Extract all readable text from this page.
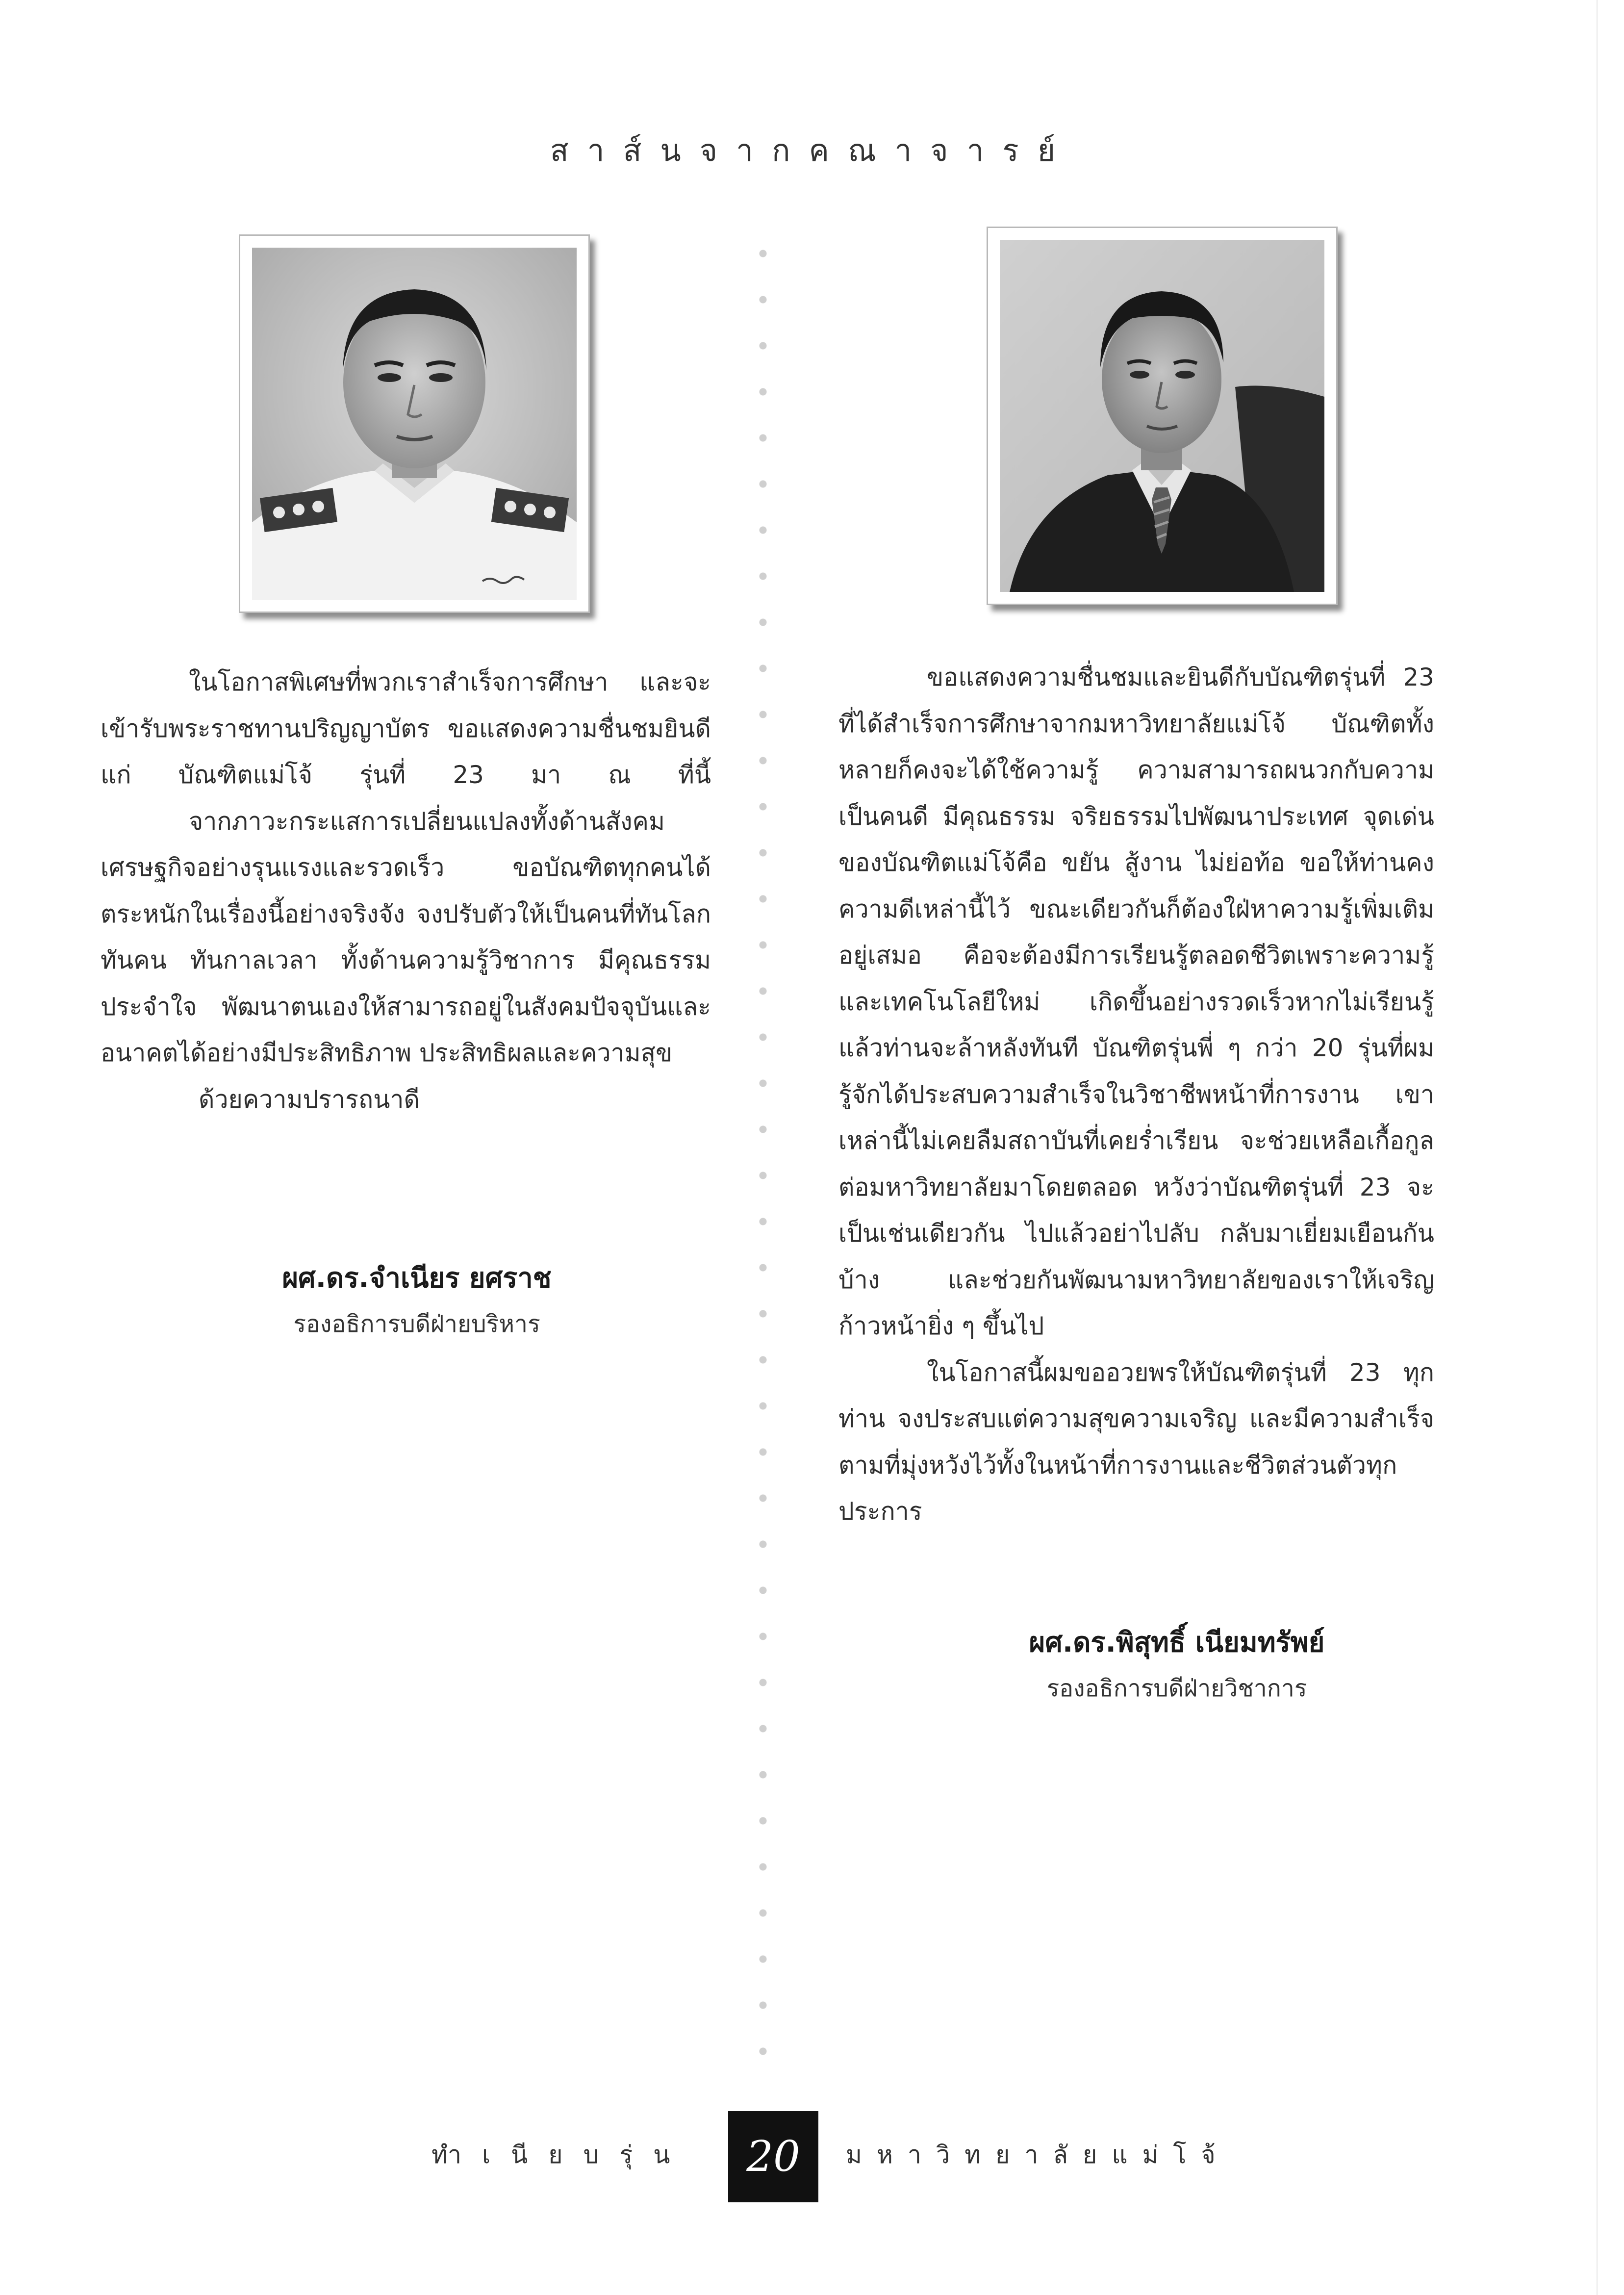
สาส์นจากคณาจารย์

ในโอกาสพิเศษที่พวกเราสำเร็จการศึกษา และจะเข้ารับพระราชทานปริญญาบัตร ขอแสดงความชื่นชมยินดีแก่ บัณฑิตแม่โจ้ รุ่นที่ 23 มา ณ ที่นี้

จากภาวะกระแสการเปลี่ยนแปลงทั้งด้านสังคมเศรษฐกิจอย่างรุนแรงและรวดเร็ว ขอบัณฑิตทุกคนได้ตระหนักในเรื่องนี้อย่างจริงจัง จงปรับตัวให้เป็นคนที่ทันโลก ทันคน ทันกาลเวลา ทั้งด้านความรู้วิชาการ มีคุณธรรมประจำใจ พัฒนาตนเองให้สามารถอยู่ในสังคมปัจจุบันและอนาคตได้อย่างมีประสิทธิภาพ ประสิทธิผลและความสุข

ด้วยความปรารถนาดี

ผศ.ดร.จำเนียร ยศราช
รองอธิการบดีฝ่ายบริหาร

ขอแสดงความชื่นชมและยินดีกับบัณฑิตรุ่นที่ 23 ที่ได้สำเร็จการศึกษาจากมหาวิทยาลัยแม่โจ้ บัณฑิตทั้งหลายก็คงจะได้ใช้ความรู้ ความสามารถผนวกกับความเป็นคนดี มีคุณธรรม จริยธรรมไปพัฒนาประเทศ จุดเด่นของบัณฑิตแม่โจ้คือ ขยัน สู้งาน ไม่ย่อท้อ ขอให้ท่านคงความดีเหล่านี้ไว้ ขณะเดียวกันก็ต้องใฝ่หาความรู้เพิ่มเติมอยู่เสมอ คือจะต้องมีการเรียนรู้ตลอดชีวิตเพราะความรู้ และเทคโนโลยีใหม่ เกิดขึ้นอย่างรวดเร็วหากไม่เรียนรู้แล้วท่านจะล้าหลังทันที บัณฑิตรุ่นพี่ ๆ กว่า 20 รุ่นที่ผมรู้จักได้ประสบความสำเร็จในวิชาชีพหน้าที่การงาน เขาเหล่านี้ไม่เคยลืมสถาบันที่เคยร่ำเรียน จะช่วยเหลือเกื้อกูลต่อมหาวิทยาลัยมาโดยตลอด หวังว่าบัณฑิตรุ่นที่ 23 จะเป็นเช่นเดียวกัน ไปแล้วอย่าไปลับ กลับมาเยี่ยมเยือนกันบ้าง และช่วยกันพัฒนามหาวิทยาลัยของเราให้เจริญก้าวหน้ายิ่ง ๆ ขึ้นไป

ในโอกาสนี้ผมขออวยพรให้บัณฑิตรุ่นที่ 23 ทุกท่าน จงประสบแต่ความสุขความเจริญ และมีความสำเร็จตามที่มุ่งหวังไว้ทั้งในหน้าที่การงานและชีวิตส่วนตัวทุกประการ

ผศ.ดร.พิสุทธิ์ เนียมทรัพย์
รองอธิการบดีฝ่ายวิชาการ
ทำเนียบรุ่น	20	มหาวิทยาลัยแม่โจ้
